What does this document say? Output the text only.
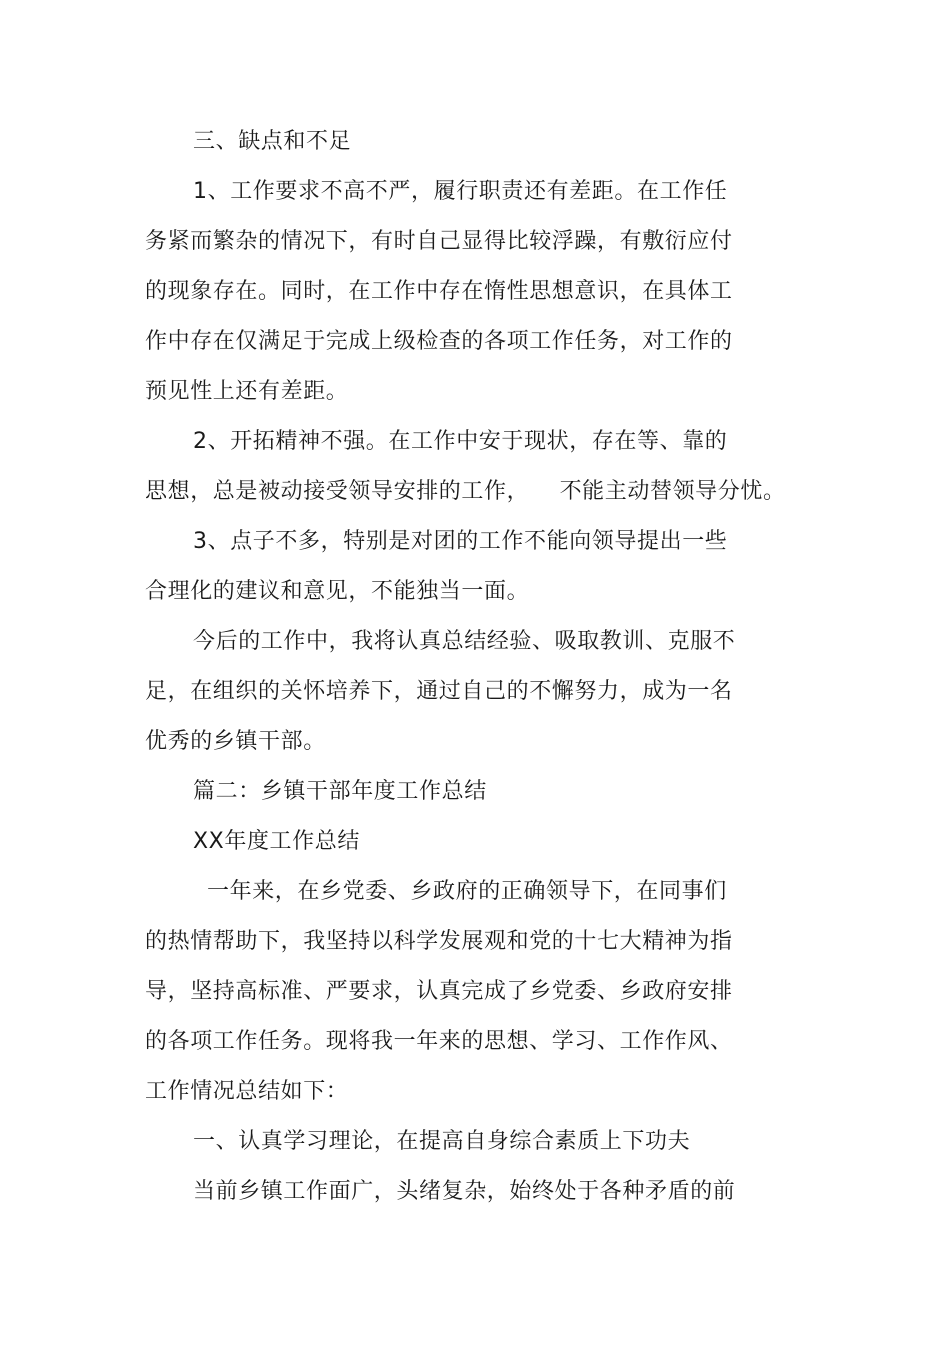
三、缺点和不足
1、工作要求不高不严，履行职责还有差距。在工作任
务紧而繁杂的情况下，有时自己显得比较浮躁，有敷衍应付
的现象存在。同时，在工作中存在惰性思想意识，在具体工
作中存在仅满足于完成上级检查的各项工作任务，对工作的
预见性上还有差距。
2、开拓精神不强。在工作中安于现状，存在等、靠的
思想，总是被动接受领导安排的工作，    不能主动替领导分忧。
3、点子不多，特别是对团的工作不能向领导提出一些
合理化的建议和意见，不能独当一面。
今后的工作中，我将认真总结经验、吸取教训、克服不
足，在组织的关怀培养下，通过自己的不懈努力，成为一名
优秀的乡镇干部。
篇二：乡镇干部年度工作总结
XX年度工作总结
一年来，在乡党委、乡政府的正确领导下，在同事们
的热情帮助下，我坚持以科学发展观和党的十七大精神为指
导，坚持高标准、严要求，认真完成了乡党委、乡政府安排
的各项工作任务。现将我一年来的思想、学习、工作作风、
工作情况总结如下：
一、认真学习理论，在提高自身综合素质上下功夫
当前乡镇工作面广，头绪复杂，始终处于各种矛盾的前
